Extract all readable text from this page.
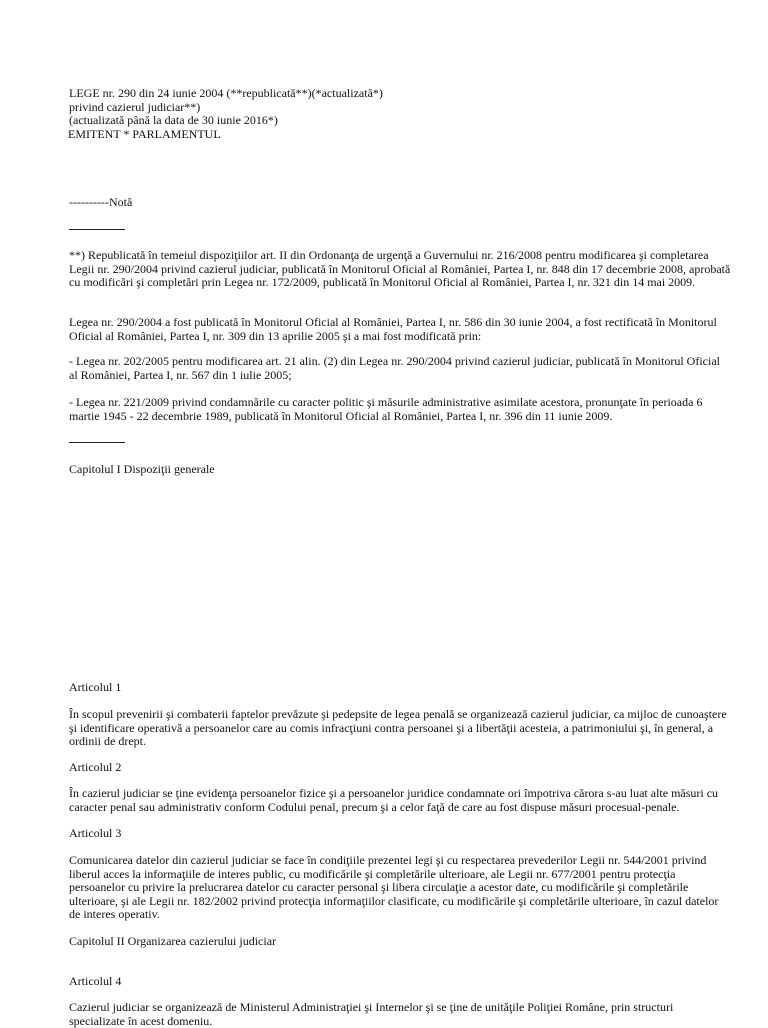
LEGE nr. 290 din 24 iunie 2004 (**republicată**)(*actualizată*)
privind cazierul judiciar**)
(actualizată până la data de 30 iunie 2016*)
EMITENT * PARLAMENTUL
----------Notă

**) Republicată în temeiul dispoziţiilor art. II din Ordonanţa de urgenţă a Guvernului nr. 216/2008 pentru modificarea şi completarea Legii nr. 290/2004 privind cazierul judiciar, publicată în Monitorul Oficial al României, Partea I, nr. 848 din 17 decembrie 2008, aprobată cu modificări şi completări prin Legea nr. 172/2009, publicată în Monitorul Oficial al României, Partea I, nr. 321 din 14 mai 2009.

Legea nr. 290/2004 a fost publicată în Monitorul Oficial al României, Partea I, nr. 586 din 30 iunie 2004, a fost rectificată în Monitorul Oficial al României, Partea I, nr. 309 din 13 aprilie 2005 şi a mai fost modificată prin:

- Legea nr. 202/2005 pentru modificarea art. 21 alin. (2) din Legea nr. 290/2004 privind cazierul judiciar, publicată în Monitorul Oficial al României, Partea I, nr. 567 din 1 iulie 2005;

- Legea nr. 221/2009 privind condamnările cu caracter politic şi măsurile administrative asimilate acestora, pronunţate în perioada 6 martie 1945 - 22 decembrie 1989, publicată în Monitorul Oficial al României, Partea I, nr. 396 din 11 iunie 2009.

Capitolul I Dispoziţii generale
Articolul 1

În scopul prevenirii şi combaterii faptelor prevăzute şi pedepsite de legea penală se organizează cazierul judiciar, ca mijloc de cunoaştere şi identificare operativă a persoanelor care au comis infracţiuni contra persoanei şi a libertăţii acesteia, a patrimoniului şi, în general, a ordinii de drept.

Articolul 2

În cazierul judiciar se ţine evidenţa persoanelor fizice şi a persoanelor juridice condamnate ori împotriva cărora s-au luat alte măsuri cu caracter penal sau administrativ conform Codului penal, precum şi a celor faţă de care au fost dispuse măsuri procesual-penale.

Articolul 3

Comunicarea datelor din cazierul judiciar se face în condiţiile prezentei legi şi cu respectarea prevederilor Legii nr. 544/2001 privind liberul acces la informaţiile de interes public, cu modificările şi completările ulterioare, ale Legii nr. 677/2001 pentru protecţia persoanelor cu privire la prelucrarea datelor cu caracter personal şi libera circulaţie a acestor date, cu modificările şi completările ulterioare, şi ale Legii nr. 182/2002 privind protecţia informaţiilor clasificate, cu modificările şi completările ulterioare, în cazul datelor de interes operativ.

Capitolul II Organizarea cazierului judiciar
Articolul 4

Cazierul judiciar se organizează de Ministerul Administraţiei şi Internelor şi se ţine de unităţile Poliţiei Române, prin structuri specializate în acest domeniu.
